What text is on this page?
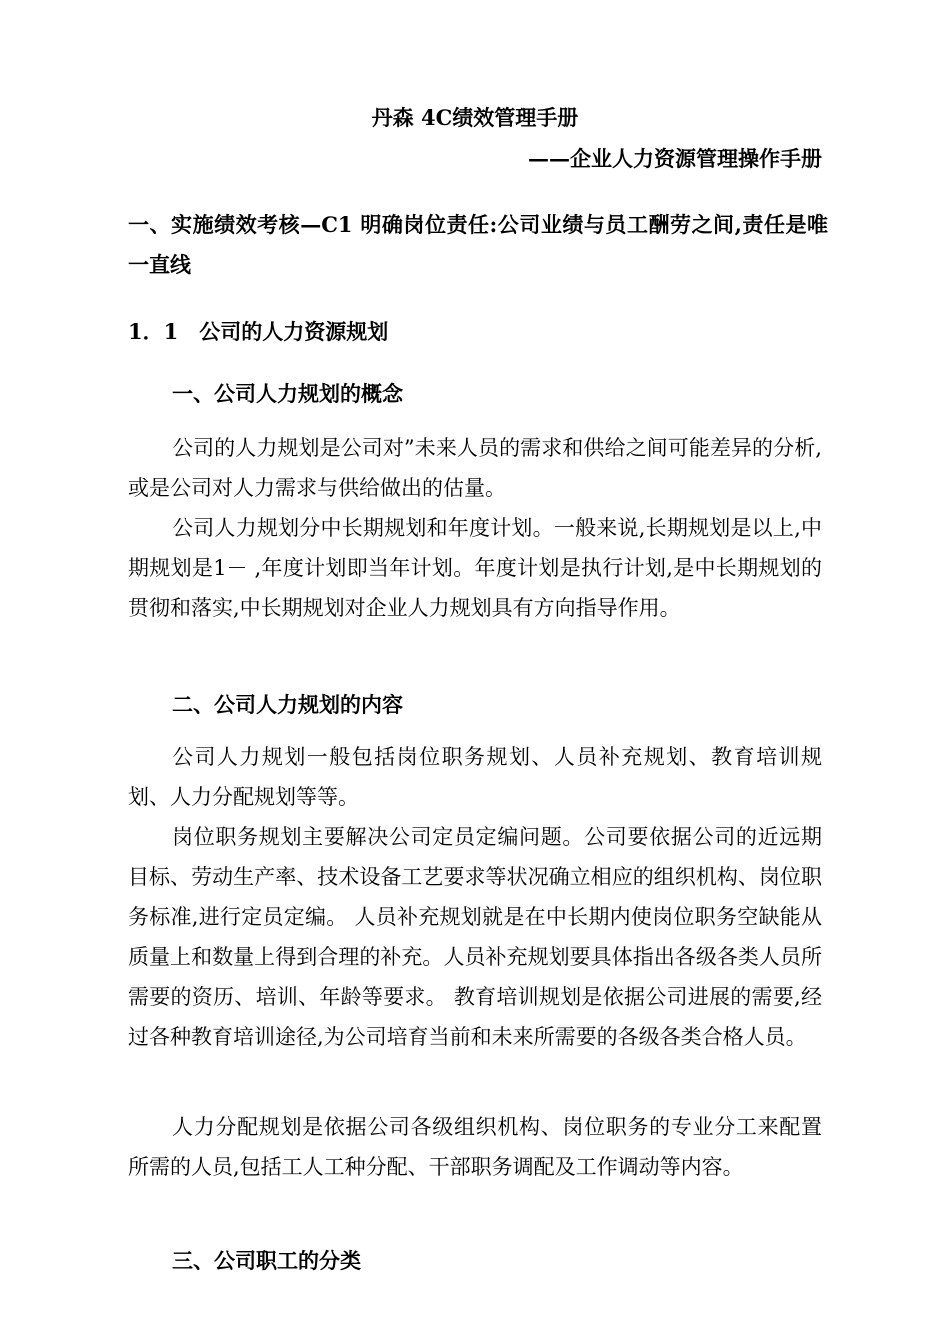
丹森 4C绩效管理手册
——企业人力资源管理操作手册
一、实施绩效考核—C1 明确岗位责任:公司业绩与员工酬劳之间,责任是唯一直线
1．1　公司的人力资源规划
一、公司人力规划的概念

公司的人力规划是公司对”未来人员的需求和供给之间可能差异的分析,或是公司对人力需求与供给做出的估量。

公司人力规划分中长期规划和年度计划。一般来说,长期规划是以上,中期规划是1－ ,年度计划即当年计划。年度计划是执行计划,是中长期规划的贯彻和落实,中长期规划对企业人力规划具有方向指导作用。

二、公司人力规划的内容

公司人力规划一般包括岗位职务规划、人员补充规划、教育培训规划、人力分配规划等等。

岗位职务规划主要解决公司定员定编问题。公司要依据公司的近远期目标、劳动生产率、技术设备工艺要求等状况确立相应的组织机构、岗位职务标准,进行定员定编。 人员补充规划就是在中长期内使岗位职务空缺能从质量上和数量上得到合理的补充。人员补充规划要具体指出各级各类人员所需要的资历、培训、年龄等要求。 教育培训规划是依据公司进展的需要,经过各种教育培训途径,为公司培育当前和未来所需要的各级各类合格人员。

人力分配规划是依据公司各级组织机构、岗位职务的专业分工来配置所需的人员,包括工人工种分配、干部职务调配及工作调动等内容。

三、公司职工的分类
